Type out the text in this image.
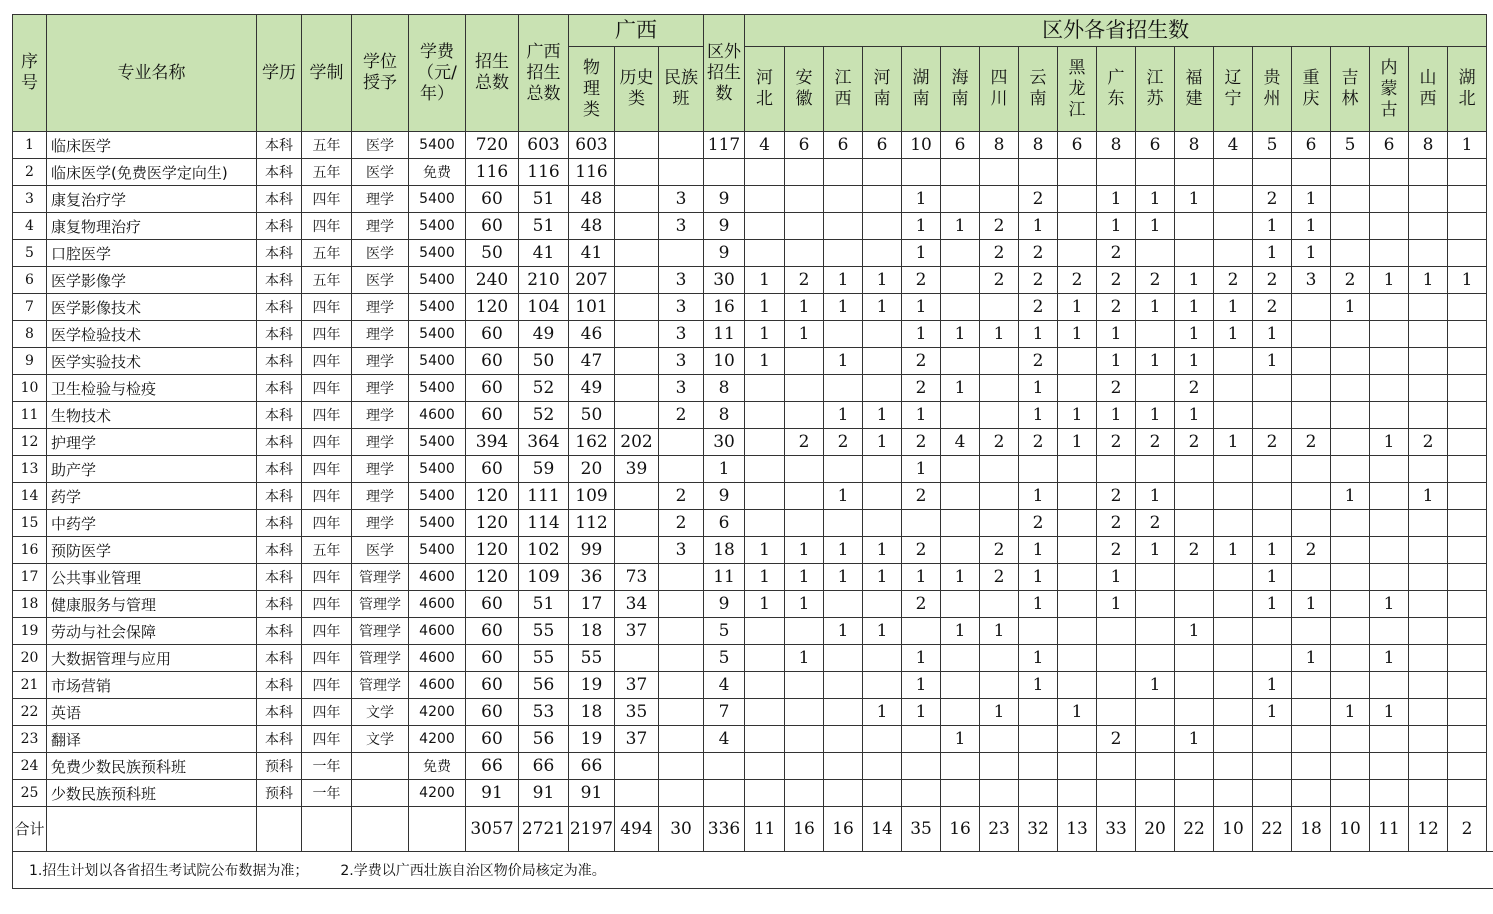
序号	专业名称	学历	学制	学位授予	学费（元/年）	招生总数	广西招生总数	广西			区外招生数	区外各省招生数																		
								物理类	历史类	民族班		河北	安徽	江西	河南	湖南	海南	四川	云南	黑龙江	广东	江苏	福建	辽宁	贵州	重庆	吉林	内蒙古	山西	湖北
1	临床医学	本科	五年	医学	5400	720	603	603			117	4	6	6	6	10	6	8	8	6	8	6	8	4	5	6	5	6	8	1
2	临床医学(免费医学定向生)	本科	五年	医学	免费	116	116	116																						
3	康复治疗学	本科	四年	理学	5400	60	51	48		3	9					1			2		1	1	1		2	1				
4	康复物理治疗	本科	四年	理学	5400	60	51	48		3	9					1	1	2	1		1	1			1	1				
5	口腔医学	本科	五年	医学	5400	50	41	41			9					1		2	2		2				1	1				
6	医学影像学	本科	五年	医学	5400	240	210	207		3	30	1	2	1	1	2		2	2	2	2	2	1	2	2	3	2	1	1	1
7	医学影像技术	本科	四年	理学	5400	120	104	101		3	16	1	1	1	1	1			2	1	2	1	1	1	2		1			
8	医学检验技术	本科	四年	理学	5400	60	49	46		3	11	1	1			1	1	1	1	1	1		1	1	1					
9	医学实验技术	本科	四年	理学	5400	60	50	47		3	10	1		1		2			2		1	1	1		1					
10	卫生检验与检疫	本科	四年	理学	5400	60	52	49		3	8					2	1		1		2		2							
11	生物技术	本科	四年	理学	4600	60	52	50		2	8			1	1	1			1	1	1	1	1							
12	护理学	本科	四年	理学	5400	394	364	162	202		30		2	2	1	2	4	2	2	1	2	2	2	1	2	2		1	2	
13	助产学	本科	四年	理学	5400	60	59	20	39		1					1														
14	药学	本科	四年	理学	5400	120	111	109		2	9			1		2			1		2	1					1		1	
15	中药学	本科	四年	理学	5400	120	114	112		2	6								2		2	2								
16	预防医学	本科	五年	医学	5400	120	102	99		3	18	1	1	1	1	2		2	1		2	1	2	1	1	2				
17	公共事业管理	本科	四年	管理学	4600	120	109	36	73		11	1	1	1	1	1	1	2	1		1				1					
18	健康服务与管理	本科	四年	管理学	4600	60	51	17	34		9	1	1			2			1		1				1	1		1		
19	劳动与社会保障	本科	四年	管理学	4600	60	55	18	37		5			1	1		1	1					1							
20	大数据管理与应用	本科	四年	管理学	4600	60	55	55			5		1			1			1							1		1		
21	市场营销	本科	四年	管理学	4600	60	56	19	37		4					1			1			1			1					
22	英语	本科	四年	文学	4200	60	53	18	35		7				1	1		1		1					1		1	1		
23	翻译	本科	四年	文学	4200	60	56	19	37		4						1				2		1							
24	免费少数民族预科班	预科	一年		免费	66	66	66																						
25	少数民族预科班	预科	一年		4200	91	91	91																						
合计						3057	2721	2197	494	30	336	11	16	16	14	35	16	23	32	13	33	20	22	10	22	18	10	11	12	2
1.招生计划以各省招生考试院公布数据为准； 2.学费以广西壮族自治区物价局核定为准。																														
